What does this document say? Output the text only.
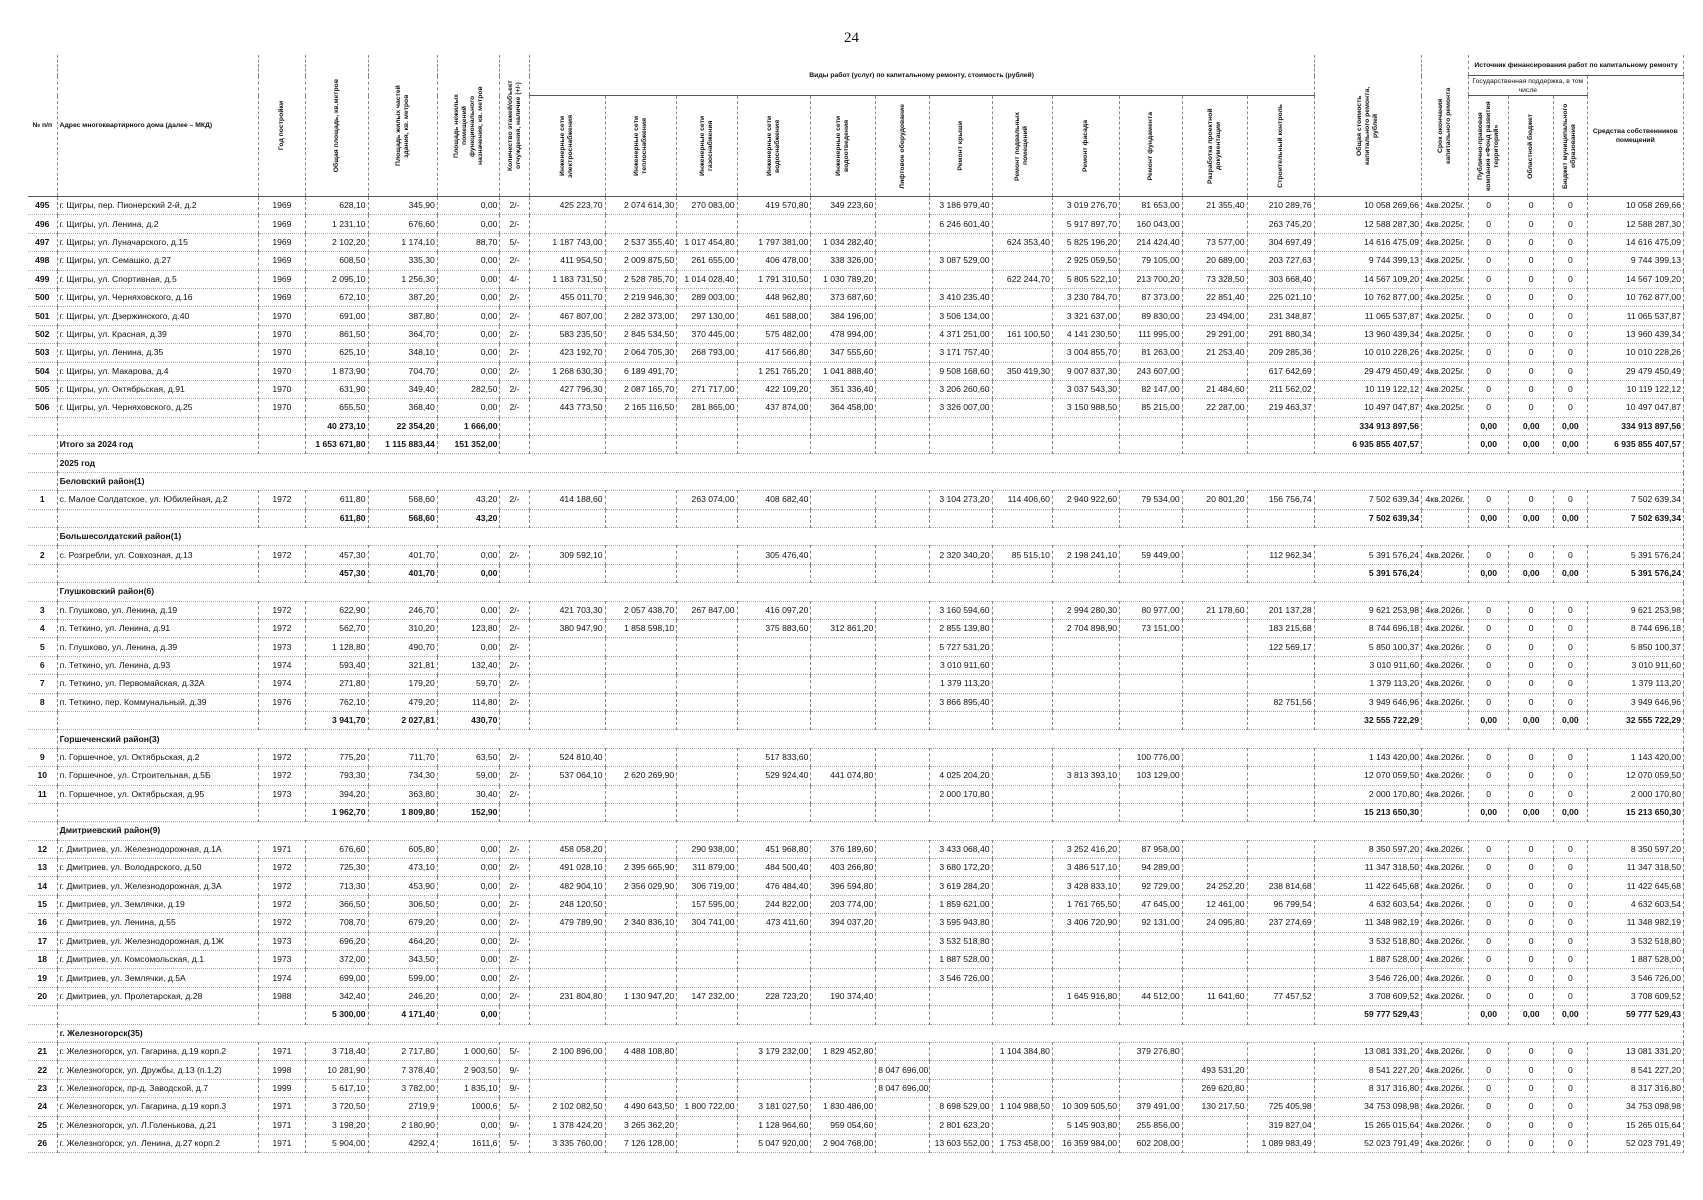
24
№ п/п	Адрес многоквартирного дома (далее – МКД)	Год постройки	Общая площадь, кв.метров	Площадь жилых частей здания, кв. метров	Площадь нежилых помещений функционального назначения, кв. метров	Количество этажей/объект отчуждения, наличие (+/-)	Виды работ (услуг) по капитальному ремонту, стоимость (рублей)												Общая стоимость капитального ремонта, рублей	Срок окончания капитального ремонта	Источник финансирования работ по капитальному ремонту			
																					Государственная поддержка, в том числе			Средства собственников помещений

							Инженерные сети электроснабжения	Инженерные сети теплоснабжения	Инженерные сети газоснабжения	Инженерные сети водоснабжения	Инженерные сети водоотведения	Лифтовое оборудование	Ремонт крыши	Ремонт подвальных помещений	Ремонт фасада	Ремонт фундамента	Разработка проектной документации	Строительный контроль			Публично-правовая компания «Фонд развития территорий»	Областной бюджет	Бюджет муниципального образования	

495	г. Щигры, пер. Пионерский 2-й, д.2	1969	628,10	345,90	0,00	2/-	425 223,70	2 074 614,30	270 083,00	419 570,80	349 223,60		3 186 979,40		3 019 276,70	81 653,00	21 355,40	210 289,76	10 058 269,66	4кв.2025г.	0	0	0	10 058 269,66
496	г. Щигры, ул. Ленина, д.2	1969	1 231,10	676,60	0,00	2/-							6 246 601,40		5 917 897,70	160 043,00		263 745,20	12 588 287,30	4кв.2025г.	0	0	0	12 588 287,30
497	г. Щигры, ул. Луначарского, д.15	1969	2 102,20	1 174,10	88,70	5/-	1 187 743,00	2 537 355,40	1 017 454,80	1 797 381,00	1 034 282,40			624 353,40	5 825 196,20	214 424,40	73 577,00	304 697,49	14 616 475,09	4кв.2025г.	0	0	0	14 616 475,09
498	г. Щигры, ул. Семашко, д.27	1969	608,50	335,30	0,00	2/-	411 954,50	2 009 875,50	261 655,00	406 478,00	338 326,00		3 087 529,00		2 925 059,50	79 105,00	20 689,00	203 727,63	9 744 399,13	4кв.2025г.	0	0	0	9 744 399,13
499	г. Щигры, ул. Спортивная, д.5	1969	2 095,10	1 256,30	0,00	4/-	1 183 731,50	2 528 785,70	1 014 028,40	1 791 310,50	1 030 789,20			622 244,70	5 805 522,10	213 700,20	73 328,50	303 668,40	14 567 109,20	4кв.2025г.	0	0	0	14 567 109,20
500	г. Щигры, ул. Черняховского, д.16	1969	672,10	387,20	0,00	2/-	455 011,70	2 219 946,30	289 003,00	448 962,80	373 687,60		3 410 235,40		3 230 784,70	87 373,00	22 851,40	225 021,10	10 762 877,00	4кв.2025г.	0	0	0	10 762 877,00
501	г. Щигры, ул. Дзержинского, д.40	1970	691,00	387,80	0,00	2/-	467 807,00	2 282 373,00	297 130,00	461 588,00	384 196,00		3 506 134,00		3 321 637,00	89 830,00	23 494,00	231 348,87	11 065 537,87	4кв.2025г.	0	0	0	11 065 537,87
502	г. Щигры, ул. Красная, д.39	1970	861,50	364,70	0,00	2/-	583 235,50	2 845 534,50	370 445,00	575 482,00	478 994,00		4 371 251,00	161 100,50	4 141 230,50	111 995,00	29 291,00	291 880,34	13 960 439,34	4кв.2025г.	0	0	0	13 960 439,34
503	г. Щигры, ул. Ленина, д.35	1970	625,10	348,10	0,00	2/-	423 192,70	2 064 705,30	268 793,00	417 566,80	347 555,60		3 171 757,40		3 004 855,70	81 263,00	21 253,40	209 285,36	10 010 228,26	4кв.2025г.	0	0	0	10 010 228,26
504	г. Щигры, ул. Макарова, д.4	1970	1 873,90	704,70	0,00	2/-	1 268 630,30	6 189 491,70		1 251 765,20	1 041 888,40		9 508 168,60	350 419,30	9 007 837,30	243 607,00		617 642,69	29 479 450,49	4кв.2025г.	0	0	0	29 479 450,49
505	г. Щигры, ул. Октябрьская, д.91	1970	631,90	349,40	282,50	2/-	427 796,30	2 087 165,70	271 717,00	422 109,20	351 336,40		3 206 260,60		3 037 543,30	82 147,00	21 484,60	211 562,02	10 119 122,12	4кв.2025г.	0	0	0	10 119 122,12
506	г. Щигры, ул. Черняховского, д.25	1970	655,50	368,40	0,00	2/-	443 773,50	2 165 116,50	281 865,00	437 874,00	364 458,00		3 326 007,00		3 150 988,50	85 215,00	22 287,00	219 463,37	10 497 047,87	4кв.2025г.	0	0	0	10 497 047,87
			40 273,10	22 354,20	1 666,00														334 913 897,56		0,00	0,00	0,00	334 913 897,56
	Итого за 2024 год		1 653 671,80	1 115 883,44	151 352,00														6 935 855 407,57		0,00	0,00	0,00	6 935 855 407,57
	2025 год																							
	Беловский район(1)																							
1	с. Малое Солдатское, ул. Юбилейная, д.2	1972	611,80	568,60	43,20	2/-	414 188,60		263 074,00	408 682,40			3 104 273,20	114 406,60	2 940 922,60	79 534,00	20 801,20	156 756,74	7 502 639,34	4кв.2026г.	0	0	0	7 502 639,34
			611,80	568,60	43,20														7 502 639,34		0,00	0,00	0,00	7 502 639,34
	Большесолдатский район(1)																							
2	с. Розгребли, ул. Совхозная, д.13	1972	457,30	401,70	0,00	2/-	309 592,10			305 476,40			2 320 340,20	85 515,10	2 198 241,10	59 449,00		112 962,34	5 391 576,24	4кв.2026г.	0	0	0	5 391 576,24
			457,30	401,70	0,00														5 391 576,24		0,00	0,00	0,00	5 391 576,24
	Глушковский район(6)																							
3	п. Глушково, ул. Ленина, д.19	1972	622,90	246,70	0,00	2/-	421 703,30	2 057 438,70	267 847,00	416 097,20			3 160 594,60		2 994 280,30	80 977,00	21 178,60	201 137,28	9 621 253,98	4кв.2026г.	0	0	0	9 621 253,98
4	п. Теткино, ул. Ленина, д.91	1972	562,70	310,20	123,80	2/-	380 947,90	1 858 598,10		375 883,60	312 861,20		2 855 139,80		2 704 898,90	73 151,00		183 215,68	8 744 696,18	4кв.2026г.	0	0	0	8 744 696,18
5	п. Глушково, ул. Ленина, д.39	1973	1 128,80	490,70	0,00	2/-							5 727 531,20					122 569,17	5 850 100,37	4кв.2026г.	0	0	0	5 850 100,37
6	п. Теткино, ул. Ленина, д.93	1974	593,40	321,81	132,40	2/-							3 010 911,60						3 010 911,60	4кв.2026г.	0	0	0	3 010 911,60
7	п. Теткино, ул. Первомайская, д.32А	1974	271,80	179,20	59,70	2/-							1 379 113,20						1 379 113,20	4кв.2026г.	0	0	0	1 379 113,20
8	п. Теткино, пер. Коммунальный, д.39	1976	762,10	479,20	114,80	2/-							3 866 895,40					82 751,56	3 949 646,96	4кв.2026г.	0	0	0	3 949 646,96
			3 941,70	2 027,81	430,70														32 555 722,29		0,00	0,00	0,00	32 555 722,29
	Горшеченский район(3)																							
9	п. Горшечное, ул. Октябрьская, д.2	1972	775,20	711,70	63,50	2/-	524 810,40			517 833,60						100 776,00			1 143 420,00	4кв.2026г.	0	0	0	1 143 420,00
10	п. Горшечное, ул. Строительная, д.5Б	1972	793,30	734,30	59,00	2/-	537 064,10	2 620 269,90		529 924,40	441 074,80		4 025 204,20		3 813 393,10	103 129,00			12 070 059,50	4кв.2026г.	0	0	0	12 070 059,50
11	п. Горшечное, ул. Октябрьская, д.95	1973	394,20	363,80	30,40	2/-							2 000 170,80						2 000 170,80	4кв.2026г.	0	0	0	2 000 170,80
			1 962,70	1 809,80	152,90														15 213 650,30		0,00	0,00	0,00	15 213 650,30
	Дмитриевский район(9)																							
12	г. Дмитриев, ул. Железнодорожная, д.1А	1971	676,60	605,80	0,00	2/-	458 058,20		290 938,00	451 968,80	376 189,60		3 433 068,40		3 252 416,20	87 958,00			8 350 597,20	4кв.2026г.	0	0	0	8 350 597,20
13	г. Дмитриев, ул. Володарского, д.50	1972	725,30	473,10	0,00	2/-	491 028,10	2 395 665,90	311 879,00	484 500,40	403 266,80		3 680 172,20		3 486 517,10	94 289,00			11 347 318,50	4кв.2026г.	0	0	0	11 347 318,50
14	г. Дмитриев, ул. Железнодорожная, д.3А	1972	713,30	453,90	0,00	2/-	482 904,10	2 356 029,90	306 719,00	476 484,40	396 594,80		3 619 284,20		3 428 833,10	92 729,00	24 252,20	238 814,68	11 422 645,68	4кв.2026г.	0	0	0	11 422 645,68
15	г. Дмитриев, ул. Землячки, д.19	1972	366,50	306,50	0,00	2/-	248 120,50		157 595,00	244 822,00	203 774,00		1 859 621,00		1 761 765,50	47 645,00	12 461,00	96 799,54	4 632 603,54	4кв.2026г.	0	0	0	4 632 603,54
16	г. Дмитриев, ул. Ленина, д.55	1972	708,70	679,20	0,00	2/-	479 789,90	2 340 836,10	304 741,00	473 411,60	394 037,20		3 595 943,80		3 406 720,90	92 131,00	24 095,80	237 274,69	11 348 982,19	4кв.2026г.	0	0	0	11 348 982,19
17	г. Дмитриев, ул. Железнодорожная, д.1Ж	1973	696,20	464,20	0,00	2/-							3 532 518,80						3 532 518,80	4кв.2026г.	0	0	0	3 532 518,80
18	г. Дмитриев, ул. Комсомольская, д.1	1973	372,00	343,50	0,00	2/-							1 887 528,00						1 887 528,00	4кв.2026г.	0	0	0	1 887 528,00
19	г. Дмитриев, ул. Землячки, д.5А	1974	699,00	599,00	0,00	2/-							3 546 726,00						3 546 726,00	4кв.2026г.	0	0	0	3 546 726,00
20	г. Дмитриев, ул. Пролетарская, д.28	1988	342,40	246,20	0,00	2/-	231 804,80	1 130 947,20	147 232,00	228 723,20	190 374,40				1 645 916,80	44 512,00	11 641,60	77 457,52	3 708 609,52	4кв.2026г.	0	0	0	3 708 609,52
			5 300,00	4 171,40	0,00														59 777 529,43		0,00	0,00	0,00	59 777 529,43
	г. Железногорск(35)																							
21	г. Железногорск, ул. Гагарина, д.19 корп.2	1971	3 718,40	2 717,80	1 000,60	5/-	2 100 896,00	4 488 108,80		3 179 232,00	1 829 452,80			1 104 384,80		379 276,80			13 081 331,20	4кв.2026г.	0	0	0	13 081 331,20
22	г. Железногорск, ул. Дружбы, д.13 (п.1,2)	1998	10 281,90	7 378,40	2 903,50	9/-						8 047 696,00					493 531,20		8 541 227,20	4кв.2026г.	0	0	0	8 541 227,20
23	г. Железногорск, пр-д. Заводской, д.7	1999	5 617,10	3 782,00	1 835,10	9/-						8 047 696,00					269 620,80		8 317 316,80	4кв.2026г.	0	0	0	8 317 316,80
24	г. Железногорск, ул. Гагарина, д.19 корп.3	1971	3 720,50	2719,9	1000,6	5/-	2 102 082,50	4 490 643,50	1 800 722,00	3 181 027,50	1 830 486,00		8 698 529,00	1 104 988,50	10 309 505,50	379 491,00	130 217,50	725 405,98	34 753 098,98	4кв.2026г.	0	0	0	34 753 098,98
25	г. Железногорск, ул. Л.Голенькова, д.21	1971	3 198,20	2 180,90	0,00	9/-	1 378 424,20	3 265 362,20		1 128 964,60	959 054,60		2 801 623,20		5 145 903,80	255 856,00		319 827,04	15 265 015,64	4кв.2026г.	0	0	0	15 265 015,64
26	г. Железногорск, ул. Ленина, д.27 корп.2	1971	5 904,00	4292,4	1611,6	5/-	3 335 760,00	7 126 128,00		5 047 920,00	2 904 768,00		13 603 552,00	1 753 458,00	16 359 984,00	602 208,00		1 089 983,49	52 023 791,49	4кв.2026г.	0	0	0	52 023 791,49
